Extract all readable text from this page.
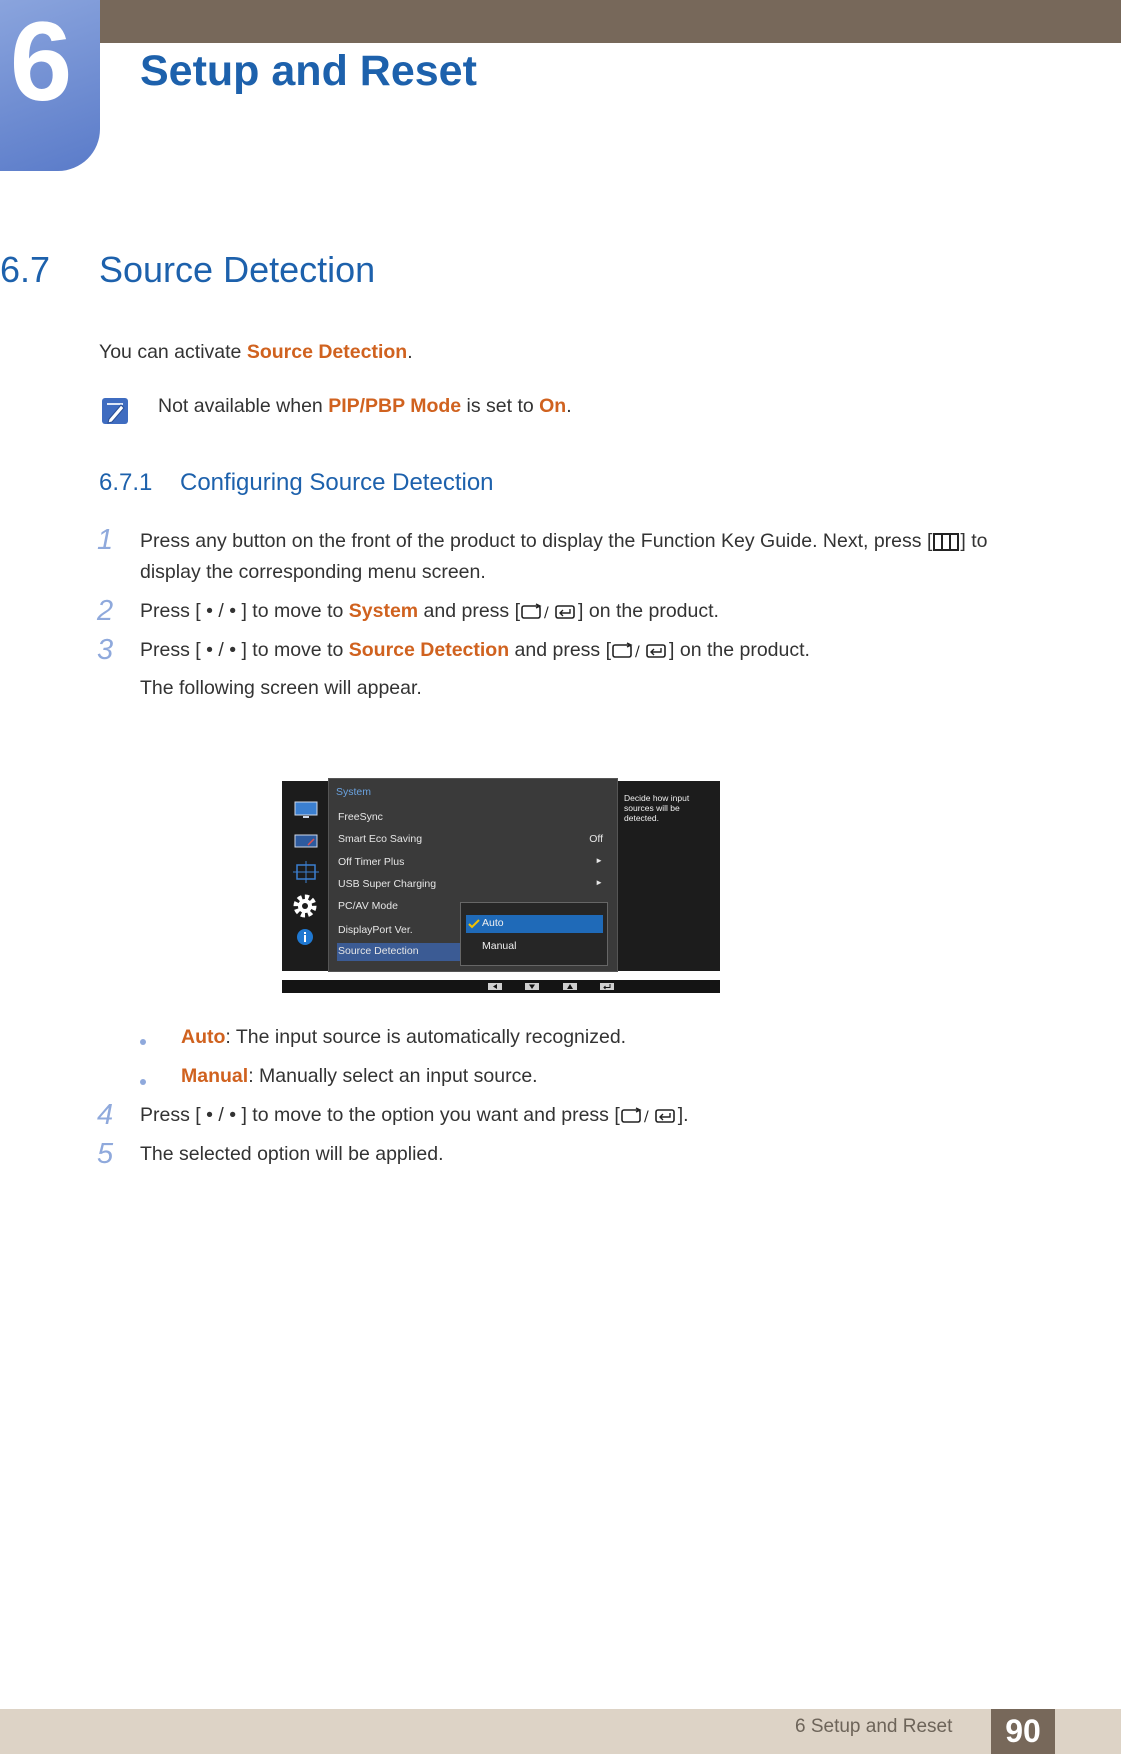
6 Setup and Reset
6.7 Source Detection
You can activate Source Detection.
Not available when PIP/PBP Mode is set to On.
6.7.1 Configuring Source Detection
1 Press any button on the front of the product to display the Function Key Guide. Next, press [ ] to
display the corresponding menu screen.
2 Press [ • / • ] to move to System and press [ / ] on the product.
3 Press [ • / • ] to move to Source Detection and press [ / ] on the product.
The following screen will appear.
System
FreeSync
Smart Eco Saving	Off
Off Timer Plus	►
USB Super Charging	►
PC/AV Mode
DisplayPort Ver.
Source Detection
Auto
Manual
Decide how input sources will be detected.
Auto: The input source is automatically recognized.
Manual: Manually select an input source.
4 Press [ • / • ] to move to the option you want and press [ / ].
5 The selected option will be applied.
6 Setup and Reset	90
